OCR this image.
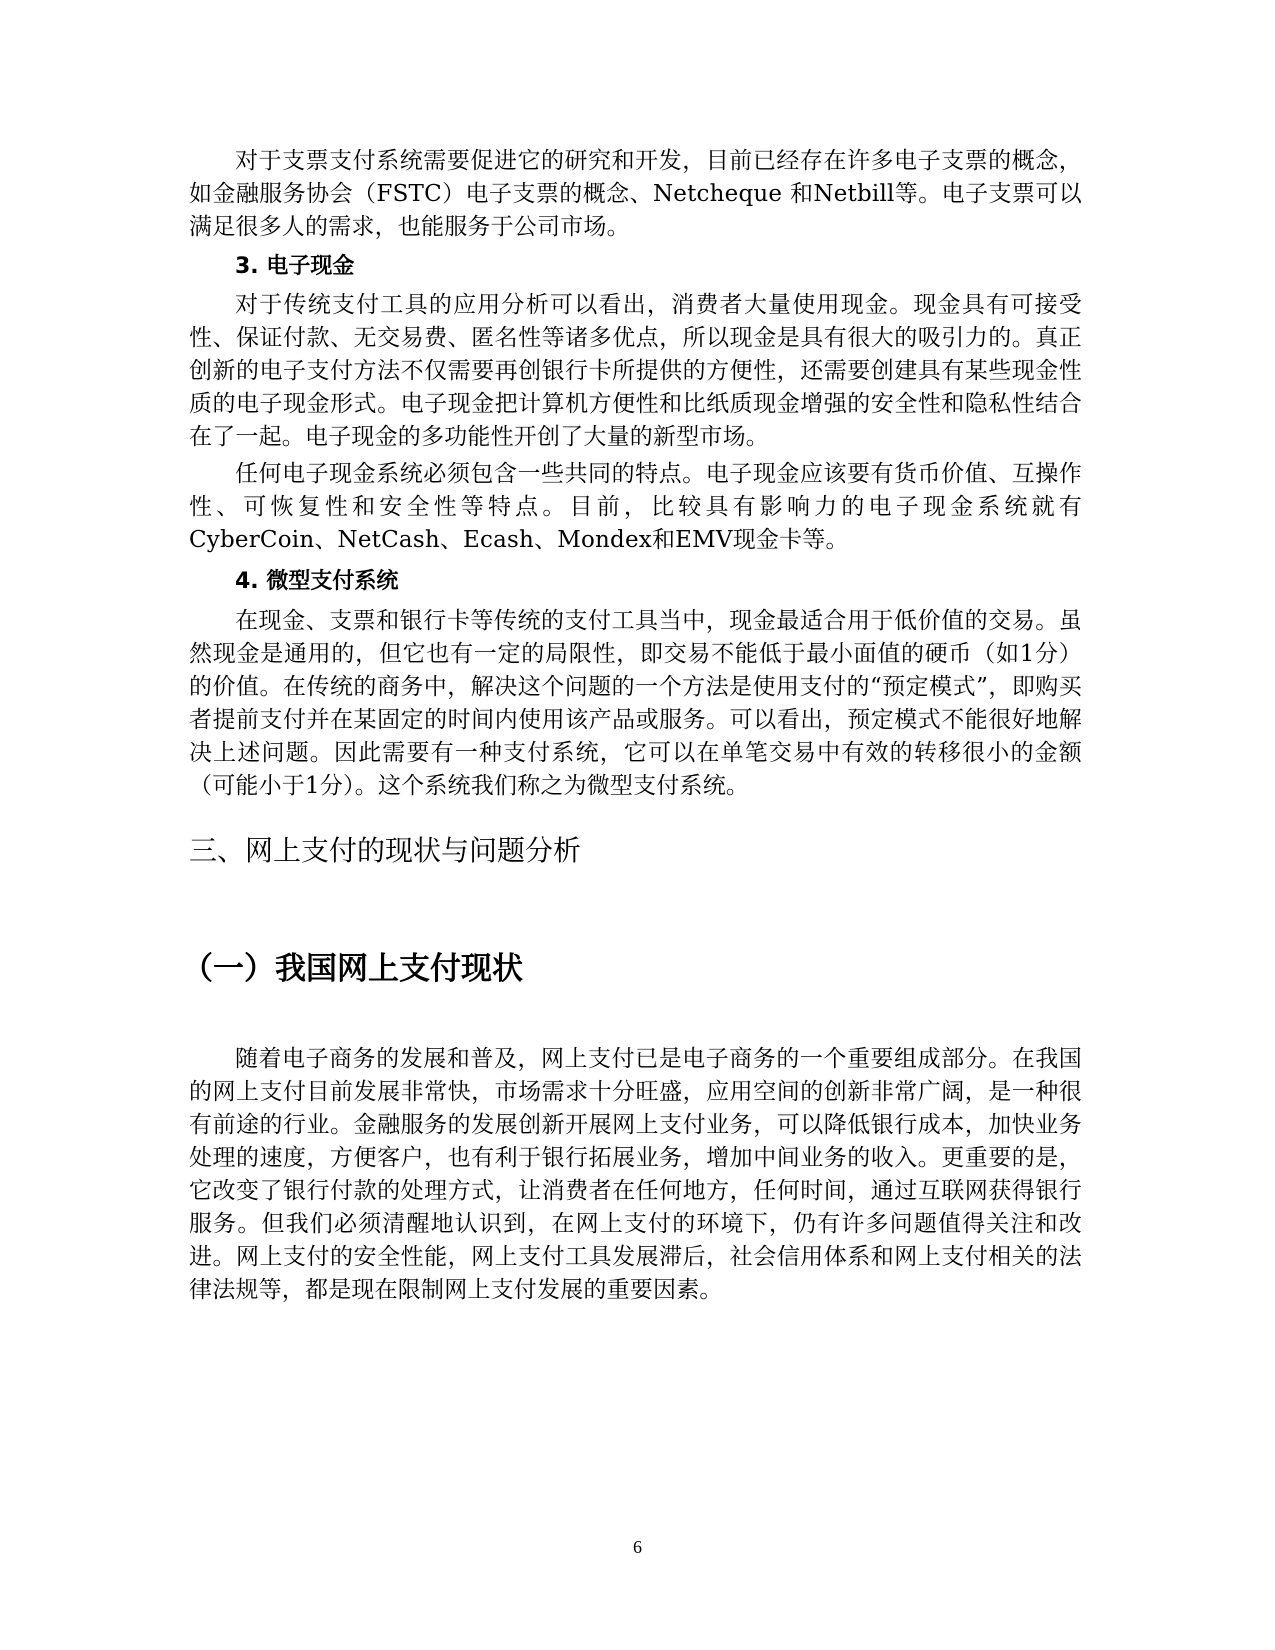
对于支票支付系统需要促进它的研究和开发，目前已经存在许多电子支票的概念，如金融服务协会（FSTC）电子支票的概念、Netcheque 和Netbill等。电子支票可以满足很多人的需求，也能服务于公司市场。

3. 电子现金

对于传统支付工具的应用分析可以看出，消费者大量使用现金。现金具有可接受性、保证付款、无交易费、匿名性等诸多优点，所以现金是具有很大的吸引力的。真正创新的电子支付方法不仅需要再创银行卡所提供的方便性，还需要创建具有某些现金性质的电子现金形式。电子现金把计算机方便性和比纸质现金增强的安全性和隐私性结合在了一起。电子现金的多功能性开创了大量的新型市场。

任何电子现金系统必须包含一些共同的特点。电子现金应该要有货币价值、互操作性、可恢复性和安全性等特点。目前，比较具有影响力的电子现金系统就有CyberCoin、NetCash、Ecash、Mondex和EMV现金卡等。

4. 微型支付系统

在现金、支票和银行卡等传统的支付工具当中，现金最适合用于低价值的交易。虽然现金是通用的，但它也有一定的局限性，即交易不能低于最小面值的硬币（如1分）的价值。在传统的商务中，解决这个问题的一个方法是使用支付的“预定模式”，即购买者提前支付并在某固定的时间内使用该产品或服务。可以看出，预定模式不能很好地解决上述问题。因此需要有一种支付系统，它可以在单笔交易中有效的转移很小的金额（可能小于1分）。这个系统我们称之为微型支付系统。

三、网上支付的现状与问题分析
（一）我国网上支付现状

随着电子商务的发展和普及，网上支付已是电子商务的一个重要组成部分。在我国的网上支付目前发展非常快，市场需求十分旺盛，应用空间的创新非常广阔，是一种很有前途的行业。金融服务的发展创新开展网上支付业务，可以降低银行成本，加快业务处理的速度，方便客户，也有利于银行拓展业务，增加中间业务的收入。更重要的是，它改变了银行付款的处理方式，让消费者在任何地方，任何时间，通过互联网获得银行服务。但我们必须清醒地认识到，在网上支付的环境下，仍有许多问题值得关注和改进。网上支付的安全性能，网上支付工具发展滞后，社会信用体系和网上支付相关的法律法规等，都是现在限制网上支付发展的重要因素。

6
